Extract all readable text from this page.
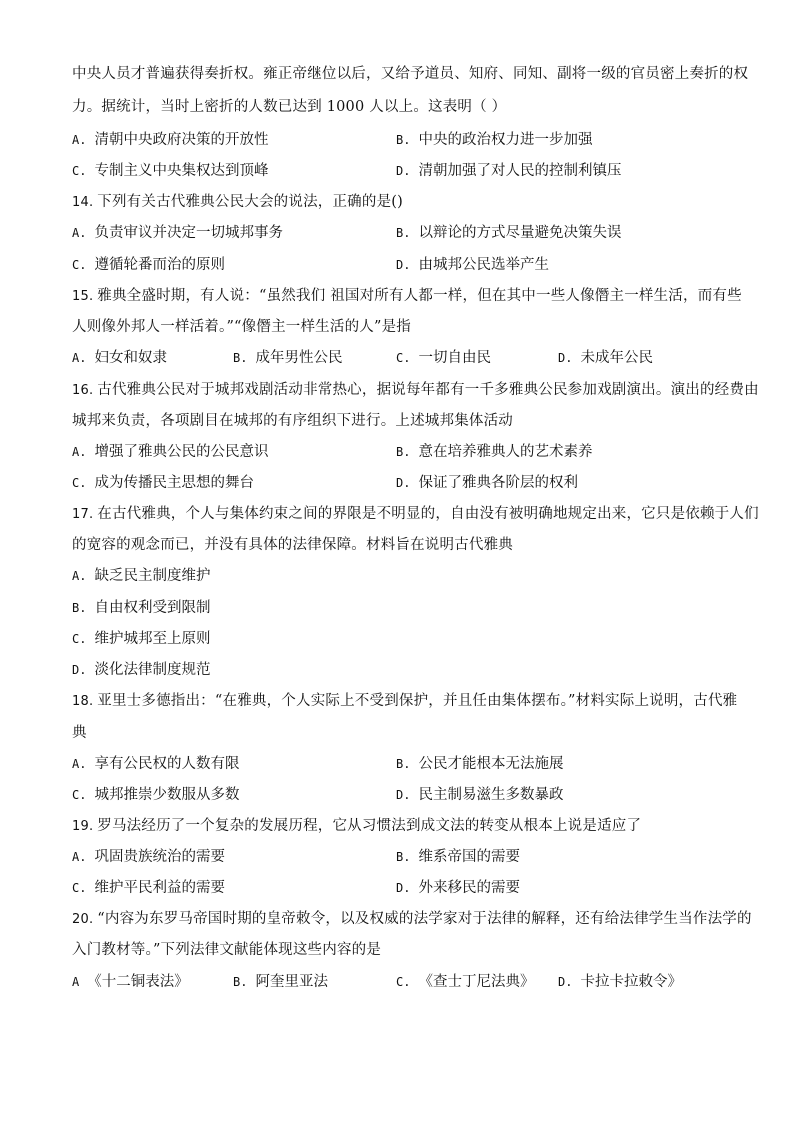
中央人员才普遍获得奏折权。雍正帝继位以后，又给予道员、知府、同知、副将一级的官员密上奏折的权
力。据统计，当时上密折的人数已达到 1000 人以上。这表明（ ）
A. 清朝中央政府决策的开放性	B. 中央的政治权力进一步加强
C. 专制主义中央集权达到顶峰	D. 清朝加强了对人民的控制利镇压
14. 下列有关古代雅典公民大会的说法，正确的是()
A. 负责审议并决定一切城邦事务	B. 以辩论的方式尽量避免决策失误
C. 遵循轮番而治的原则	D. 由城邦公民选举产生
15. 雅典全盛时期，有人说：“虽然我们 祖国对所有人都一样，但在其中一些人像僭主一样生活，而有些
人则像外邦人一样活着。”“像僭主一样生活的人”是指
A. 妇女和奴隶	B. 成年男性公民	C. 一切自由民	D. 未成年公民
16. 古代雅典公民对于城邦戏剧活动非常热心，据说每年都有一千多雅典公民参加戏剧演出。演出的经费由
城邦来负责，各项剧目在城邦的有序组织下进行。上述城邦集体活动
A. 增强了雅典公民的公民意识	B. 意在培养雅典人的艺术素养
C. 成为传播民主思想的舞台	D. 保证了雅典各阶层的权利
17. 在古代雅典，个人与集体约束之间的界限是不明显的，自由没有被明确地规定出来，它只是依赖于人们
的宽容的观念而已，并没有具体的法律保障。材料旨在说明古代雅典
A. 缺乏民主制度维护
B. 自由权利受到限制
C. 维护城邦至上原则
D. 淡化法律制度规范
18. 亚里士多德指出：“在雅典，个人实际上不受到保护，并且任由集体摆布。”材料实际上说明，古代雅
典
A. 享有公民权的人数有限	B. 公民才能根本无法施展
C. 城邦推崇少数服从多数	D. 民主制易滋生多数暴政
19. 罗马法经历了一个复杂的发展历程，它从习惯法到成文法的转变从根本上说是适应了
A. 巩固贵族统治的需要	B. 维系帝国的需要
C. 维护平民利益的需要	D. 外来移民的需要
20. “内容为东罗马帝国时期的皇帝敕令，以及权威的法学家对于法律的解释，还有给法律学生当作法学的
入门教材等。”下列法律文献能体现这些内容的是
A 《十二铜表法》	B. 阿奎里亚法	C. 《查士丁尼法典》 D. 卡拉卡拉敕令》
